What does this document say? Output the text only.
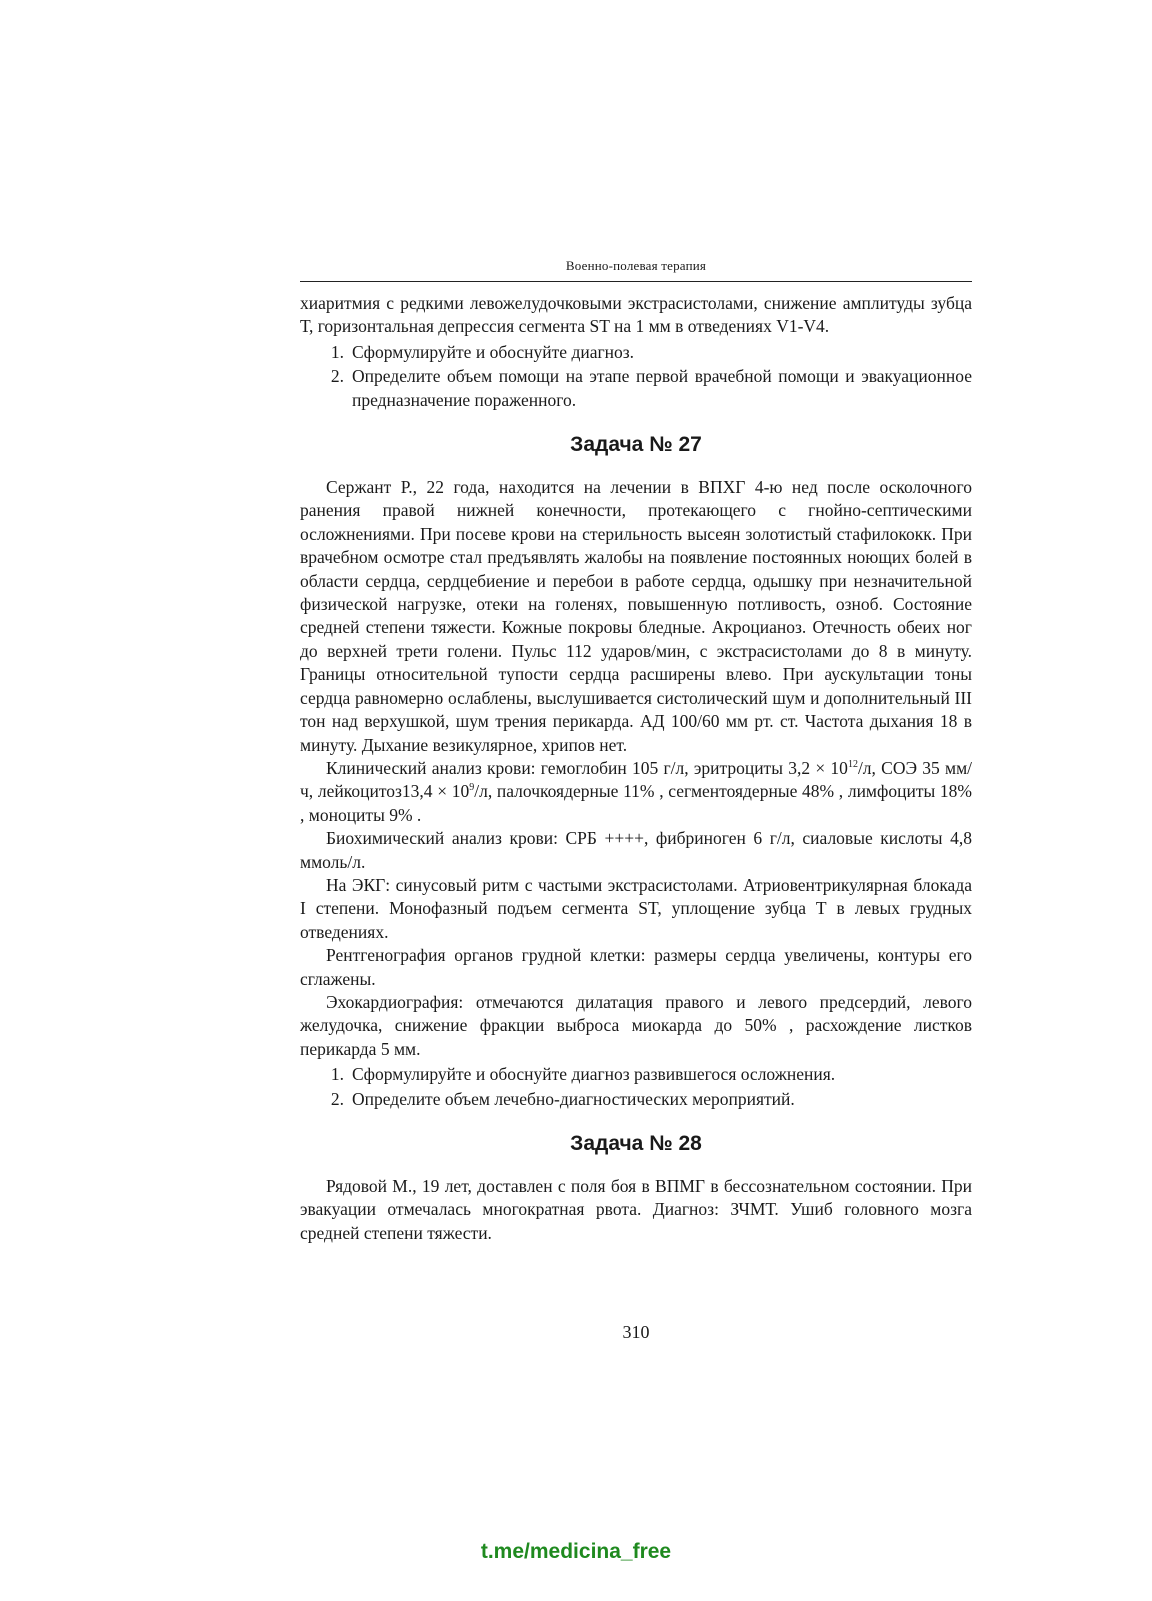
Военно-полевая терапия

хиаритмия с редкими левожелудочковыми экстрасистолами, снижение амплитуды зубца Т, горизонтальная депрессия сегмента ST на 1 мм в отведениях V1-V4.

1. Сформулируйте и обоснуйте диагноз.
2. Определите объем помощи на этапе первой врачебной помощи и эвакуационное предназначение пораженного.
Задача № 27

Сержант Р., 22 года, находится на лечении в ВПХГ 4-ю нед после осколочного ранения правой нижней конечности, протекающего с гнойно-септическими осложнениями. При посеве крови на стерильность высеян золотистый стафилококк. При врачебном осмотре стал предъявлять жалобы на появление постоянных ноющих болей в области сердца, сердцебиение и перебои в работе сердца, одышку при незначительной физической нагрузке, отеки на голенях, повышенную потливость, озноб. Состояние средней степени тяжести. Кожные покровы бледные. Акроцианоз. Отечность обеих ног до верхней трети голени. Пульс 112 ударов/мин, с экстрасистолами до 8 в минуту. Границы относительной тупости сердца расширены влево. При аускультации тоны сердца равномерно ослаблены, выслушивается систолический шум и дополнительный III тон над верхушкой, шум трения перикарда. АД 100/60 мм рт. ст. Частота дыхания 18 в минуту. Дыхание везикулярное, хрипов нет.

Клинический анализ крови: гемоглобин 105 г/л, эритроциты $3,2 \times 10^{12}/л$, СОЭ 35 мм/ч, лейкоцитоз13,4 × $10^9/л$, палочкоядерные 11% , сегментоядерные 48% , лимфоциты 18% , моноциты 9% .

Биохимический анализ крови: СРБ ++++, фибриноген 6 г/л, сиаловые кислоты 4,8 ммоль/л.

На ЭКГ: синусовый ритм с частыми экстрасистолами. Атриовентрикулярная блокада I степени. Монофазный подъем сегмента ST, уплощение зубца Т в левых грудных отведениях.

Рентгенография органов грудной клетки: размеры сердца увеличены, контуры его сглажены.

Эхокардиография: отмечаются дилатация правого и левого предсердий, левого желудочка, снижение фракции выброса миокарда до 50% , расхождение листков перикарда 5 мм.

1. Сформулируйте и обоснуйте диагноз развившегося осложнения.
2. Определите объем лечебно-диагностических мероприятий.
Задача № 28

Рядовой М., 19 лет, доставлен с поля боя в ВПМГ в бессознательном состоянии. При эвакуации отмечалась многократная рвота. Диагноз: ЗЧМТ. Ушиб головного мозга средней степени тяжести.

310
t.me/medicina_free
